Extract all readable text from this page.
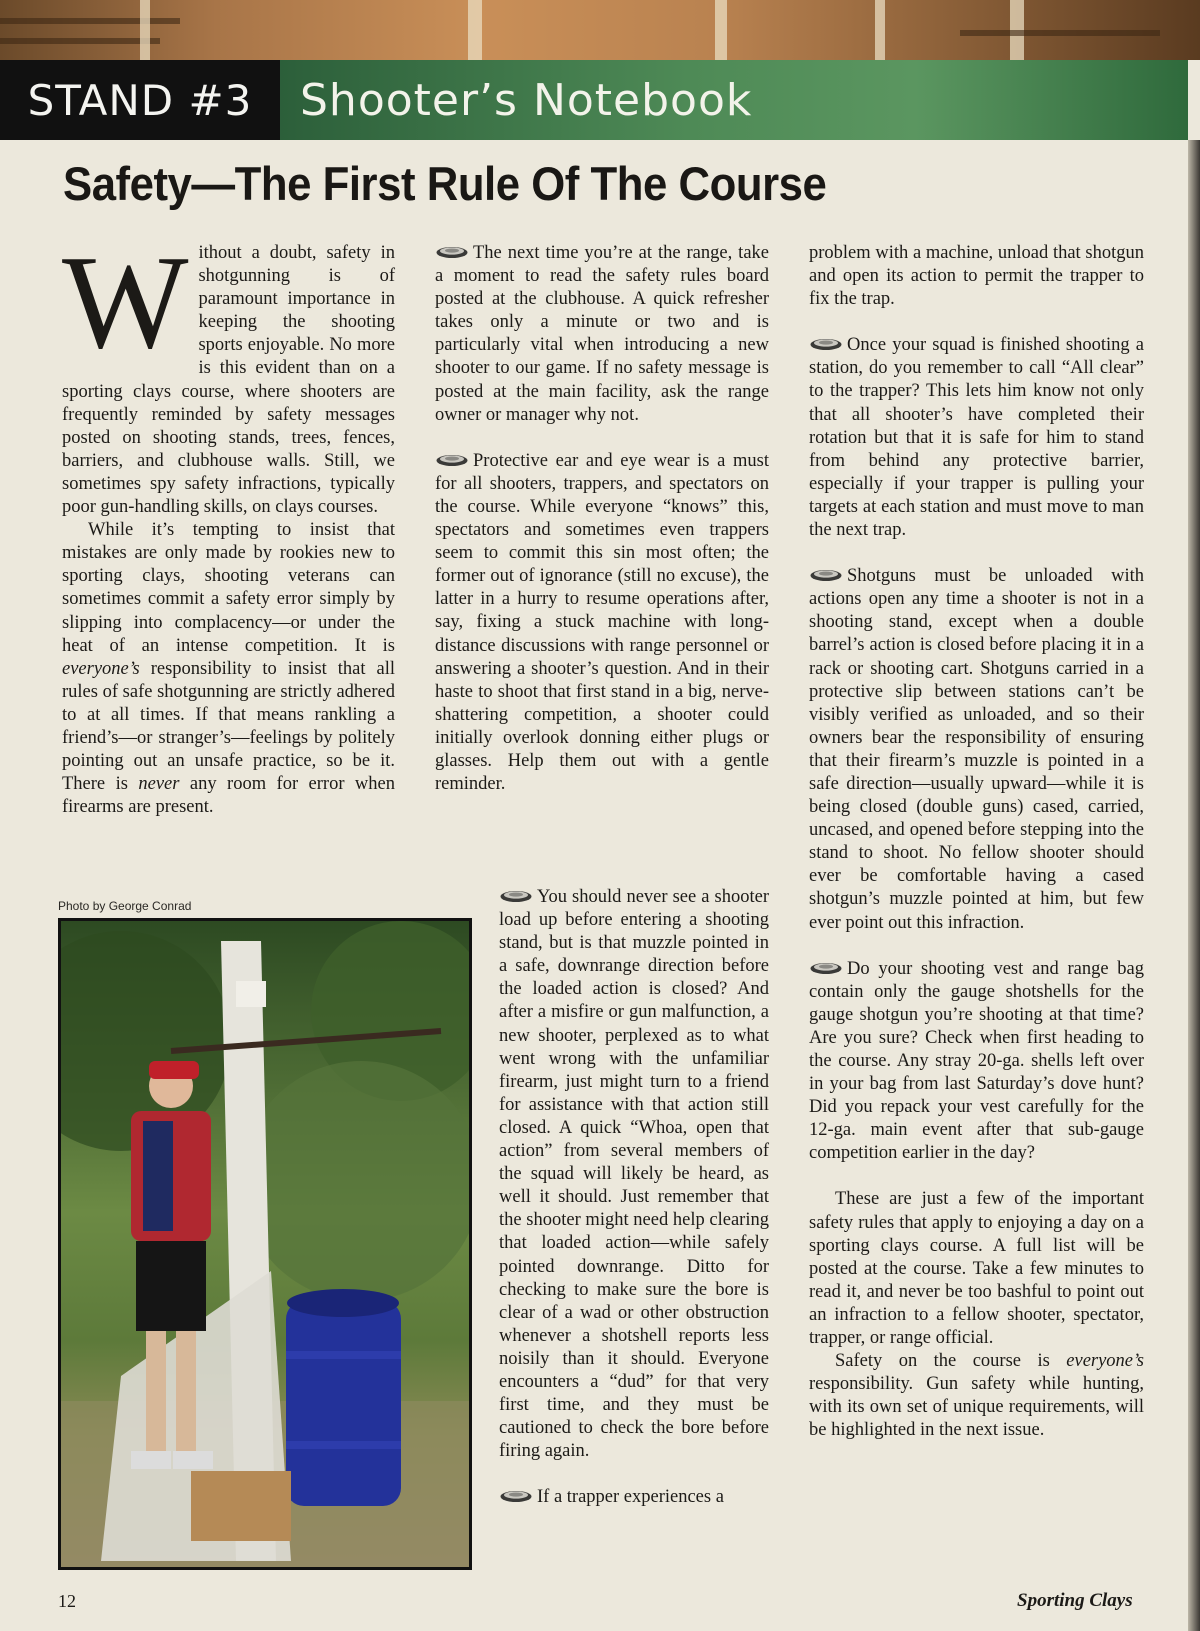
STAND #3	Shooter’s Notebook
Safety—The First Rule Of The Course

Without a doubt, safety in shotgunning is of paramount importance in keeping the shooting sports enjoyable. No more is this evident than on a sporting clays course, where shooters are frequently reminded by safety messages posted on shooting stands, trees, fences, barriers, and clubhouse walls. Still, we sometimes spy safety infractions, typically poor gun-handling skills, on clays courses.

While it’s tempting to insist that mistakes are only made by rookies new to sporting clays, shooting veterans can sometimes commit a safety error simply by slipping into complacency—or under the heat of an intense competition. It is everyone’s responsibility to insist that all rules of safe shotgunning are strictly adhered to at all times. If that means rankling a friend’s—or stranger’s—feelings by politely pointing out an unsafe practice, so be it. There is never any room for error when firearms are present.

The next time you’re at the range, take a moment to read the safety rules board posted at the clubhouse. A quick refresher takes only a minute or two and is particularly vital when introducing a new shooter to our game. If no safety message is posted at the main facility, ask the range owner or manager why not.

Protective ear and eye wear is a must for all shooters, trappers, and spectators on the course. While everyone “knows” this, spectators and sometimes even trappers seem to commit this sin most often; the former out of ignorance (still no excuse), the latter in a hurry to resume operations after, say, fixing a stuck machine with long-distance discussions with range personnel or answering a shooter’s question. And in their haste to shoot that first stand in a big, nerve-shattering competition, a shooter could initially overlook donning either plugs or glasses. Help them out with a gentle reminder.

You should never see a shooter load up before entering a shooting stand, but is that muzzle pointed in a safe, downrange direction before the loaded action is closed? And after a misfire or gun malfunction, a new shooter, perplexed as to what went wrong with the unfamiliar firearm, just might turn to a friend for assistance with that action still closed. A quick “Whoa, open that action” from several members of the squad will likely be heard, as well it should. Just remember that the shooter might need help clearing that loaded action—while safely pointed downrange. Ditto for checking to make sure the bore is clear of a wad or other obstruction whenever a shotshell reports less noisily than it should. Everyone encounters a “dud” for that very first time, and they must be cautioned to check the bore before firing again.

If a trapper experiences a

problem with a machine, unload that shotgun and open its action to permit the trapper to fix the trap.

Once your squad is finished shooting a station, do you remember to call “All clear” to the trapper? This lets him know not only that all shooter’s have completed their rotation but that it is safe for him to stand from behind any protective barrier, especially if your trapper is pulling your targets at each station and must move to man the next trap.

Shotguns must be unloaded with actions open any time a shooter is not in a shooting stand, except when a double barrel’s action is closed before placing it in a rack or shooting cart. Shotguns carried in a protective slip between stations can’t be visibly verified as unloaded, and so their owners bear the responsibility of ensuring that their firearm’s muzzle is pointed in a safe direction—usually upward—while it is being closed (double guns) cased, carried, uncased, and opened before stepping into the stand to shoot. No fellow shooter should ever be comfortable having a cased shotgun’s muzzle pointed at him, but few ever point out this infraction.

Do your shooting vest and range bag contain only the gauge shotshells for the gauge shotgun you’re shooting at that time? Are you sure? Check when first heading to the course. Any stray 20-ga. shells left over in your bag from last Saturday’s dove hunt? Did you repack your vest carefully for the 12-ga. main event after that sub-gauge competition earlier in the day?

These are just a few of the important safety rules that apply to enjoying a day on a sporting clays course. A full list will be posted at the course. Take a few minutes to read it, and never be too bashful to point out an infraction to a fellow shooter, spectator, trapper, or range official.

Safety on the course is everyone’s responsibility. Gun safety while hunting, with its own set of unique requirements, will be highlighted in the next issue.

Photo by George Conrad
12	Sporting Clays
